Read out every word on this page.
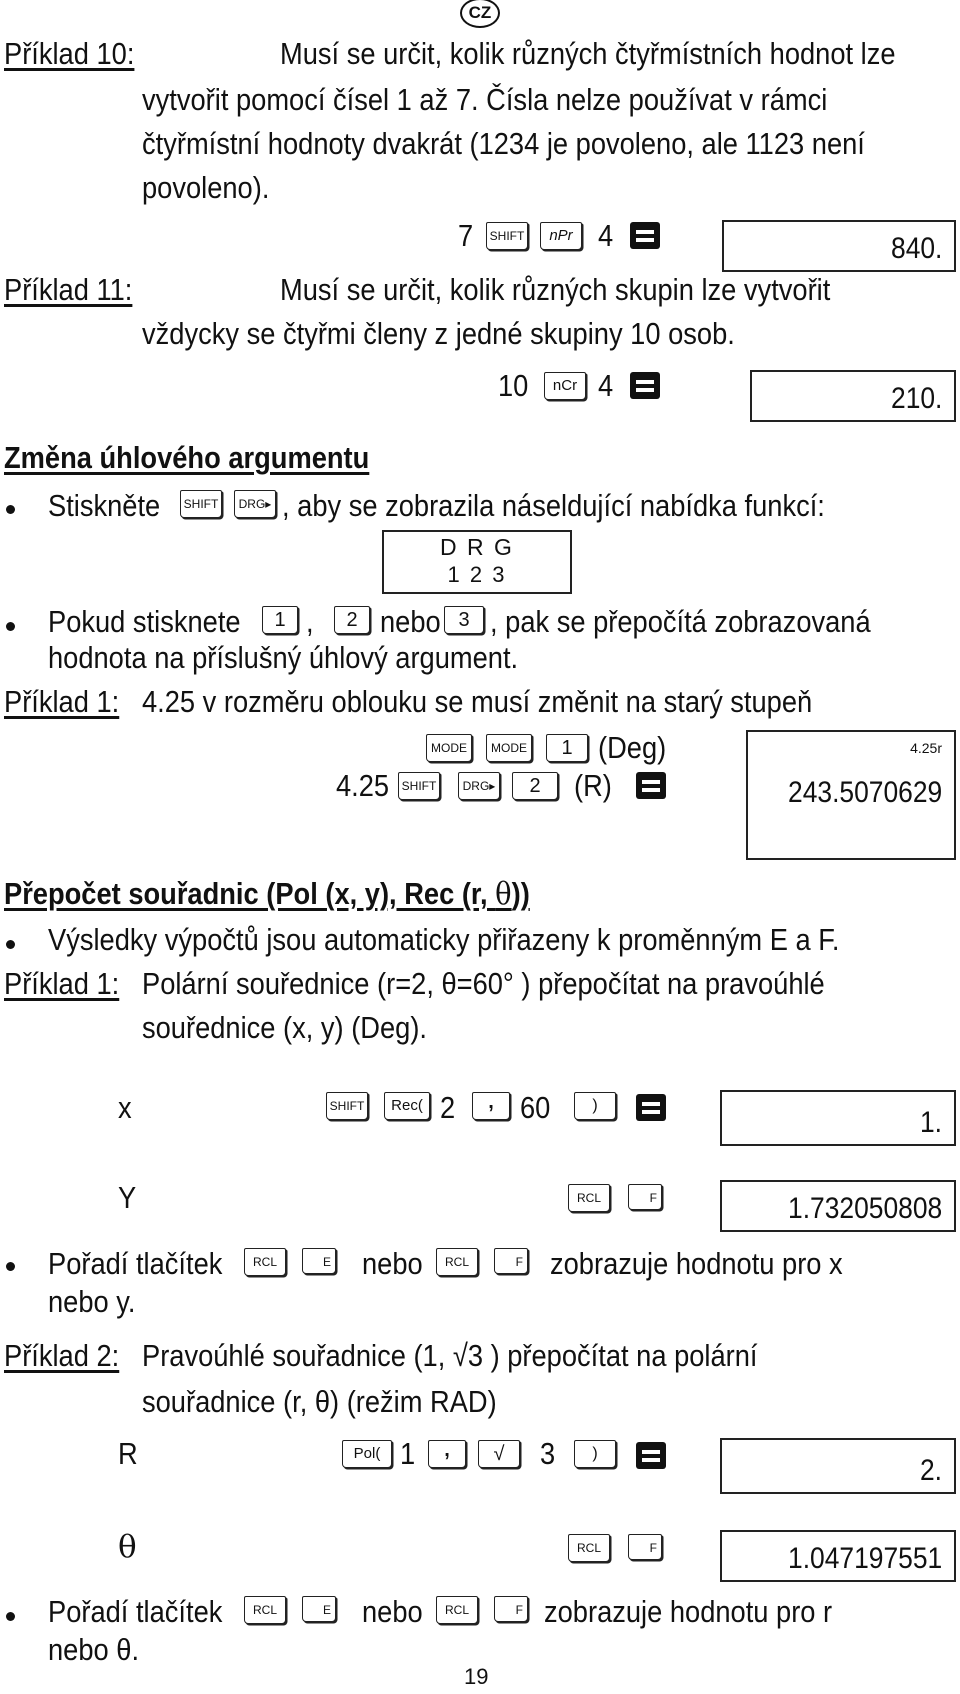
CZ
Příklad 10:	Musí se určit, kolik různých čtyřmístních hodnot lze
vytvořit pomocí čísel 1 až 7. Čísla nelze používat v rámci
čtyřmístní hodnoty dvakrát (1234 je povoleno, ale 1123 není
povoleno).
7	SHIFT	nPr 4	840.
Příklad 11:	Musí se určit, kolik různých skupin lze vytvořit
vždycky se čtyřmi členy z jedné skupiny 10 osob.
10	nCr 4	210.
Změna úhlového argumentu
Stiskněte	SHIFT	DRG▸ , aby se zobrazila náseldující nabídka funkcí:
D R G
1 2 3
Pokud stisknete	1 ,	2 nebo 3 , pak se přepočítá zobrazovaná
hodnota na příslušný úhlový argument.
Příklad 1: 4.25 v rozměru oblouku se musí změnit na starý stupeň
MODE	MODE	1 (Deg)
4.25	SHIFT	DRG▸	2	(R)
4.25r
243.5070629
Přepočet souřadnic (Pol (x, y), Rec (r, θ))
Výsledky výpočtů jsou automaticky přiřazeny k proměnným E a F.
Příklad 1: Polární souředn​ice (r=2, θ=60° ) přepočítat na pravoúhlé
souřednice (x, y) (Deg).
x	SHIFT	Rec( 2	, 60	)
1.
Y	RCL	F	1.732050808
Pořadí tlačítek	RCL	E nebo	RCL	F zobrazuje hodnotu pro x
nebo y.
Příklad 2: Pravoúhlé souřadnice (1, √3 ) přepočítat na polární
souřadnice (r, θ) (režim RAD)
R	Pol( 1	,	√	3	)
2.
θ	RCL	F	1.047197551
Pořadí tlačítek	RCL	E nebo	RCL	F zobrazuje hodnotu pro r
nebo θ.
19
